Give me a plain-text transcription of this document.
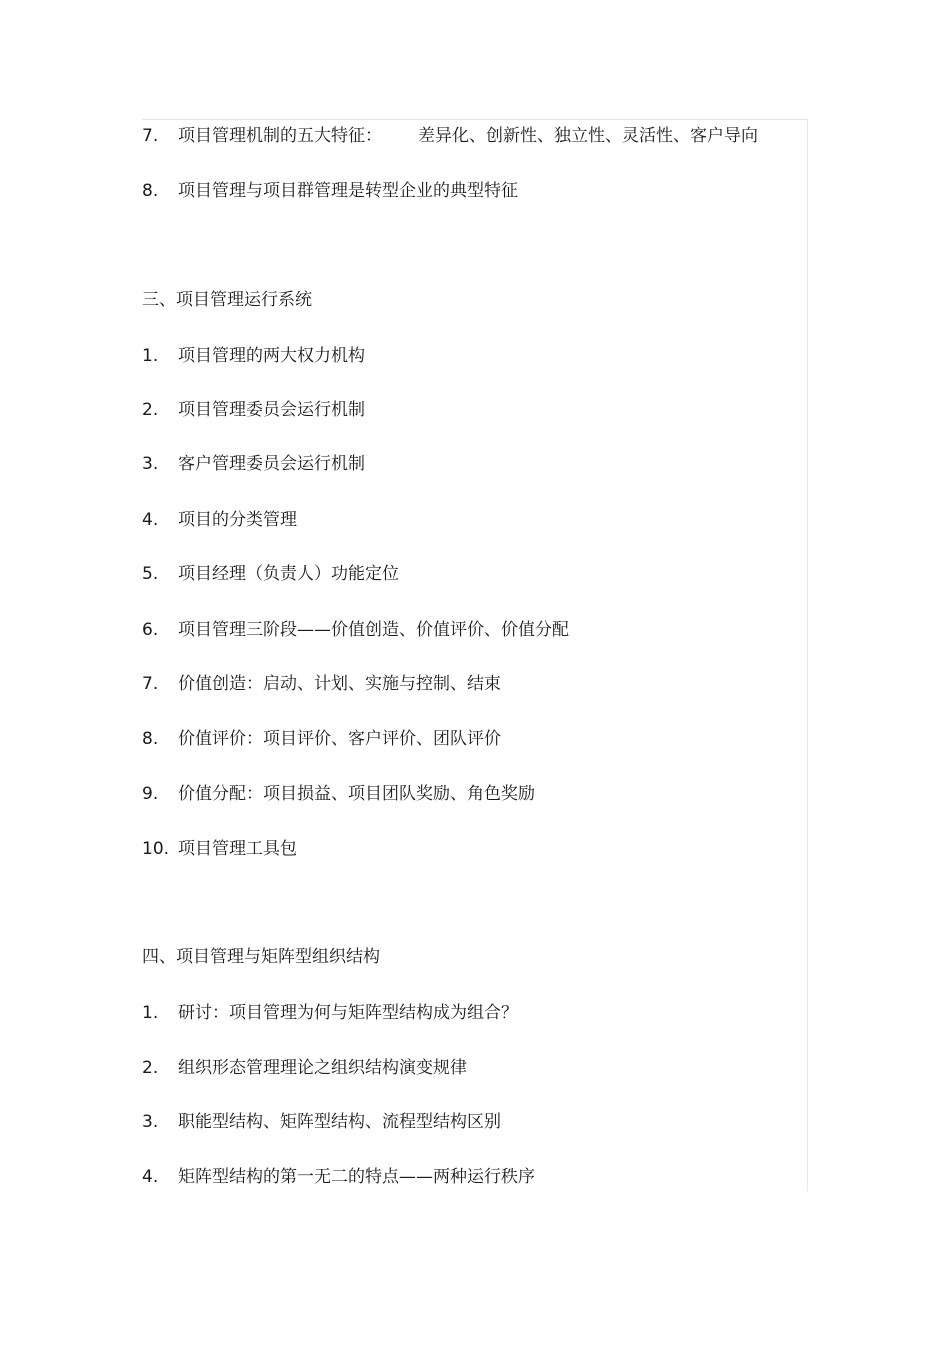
7.	项目管理机制的五大特征： 差异化、创新性、独立性、灵活性、客户导向
8.	项目管理与项目群管理是转型企业的典型特征
三、项目管理运行系统
1.	项目管理的两大权力机构
2.	项目管理委员会运行机制
3.	客户管理委员会运行机制
4.	项目的分类管理
5.	项目经理（负责人）功能定位
6.	项目管理三阶段——价值创造、价值评价、价值分配
7.	价值创造：启动、计划、实施与控制、结束
8.	价值评价：项目评价、客户评价、团队评价
9.	价值分配：项目损益、项目团队奖励、角色奖励
10. 项目管理工具包
四、项目管理与矩阵型组织结构
1.	研讨：项目管理为何与矩阵型结构成为组合？
2.	组织形态管理理论之组织结构演变规律
3.	职能型结构、矩阵型结构、流程型结构区别
4.	矩阵型结构的第一无二的特点——两种运行秩序
